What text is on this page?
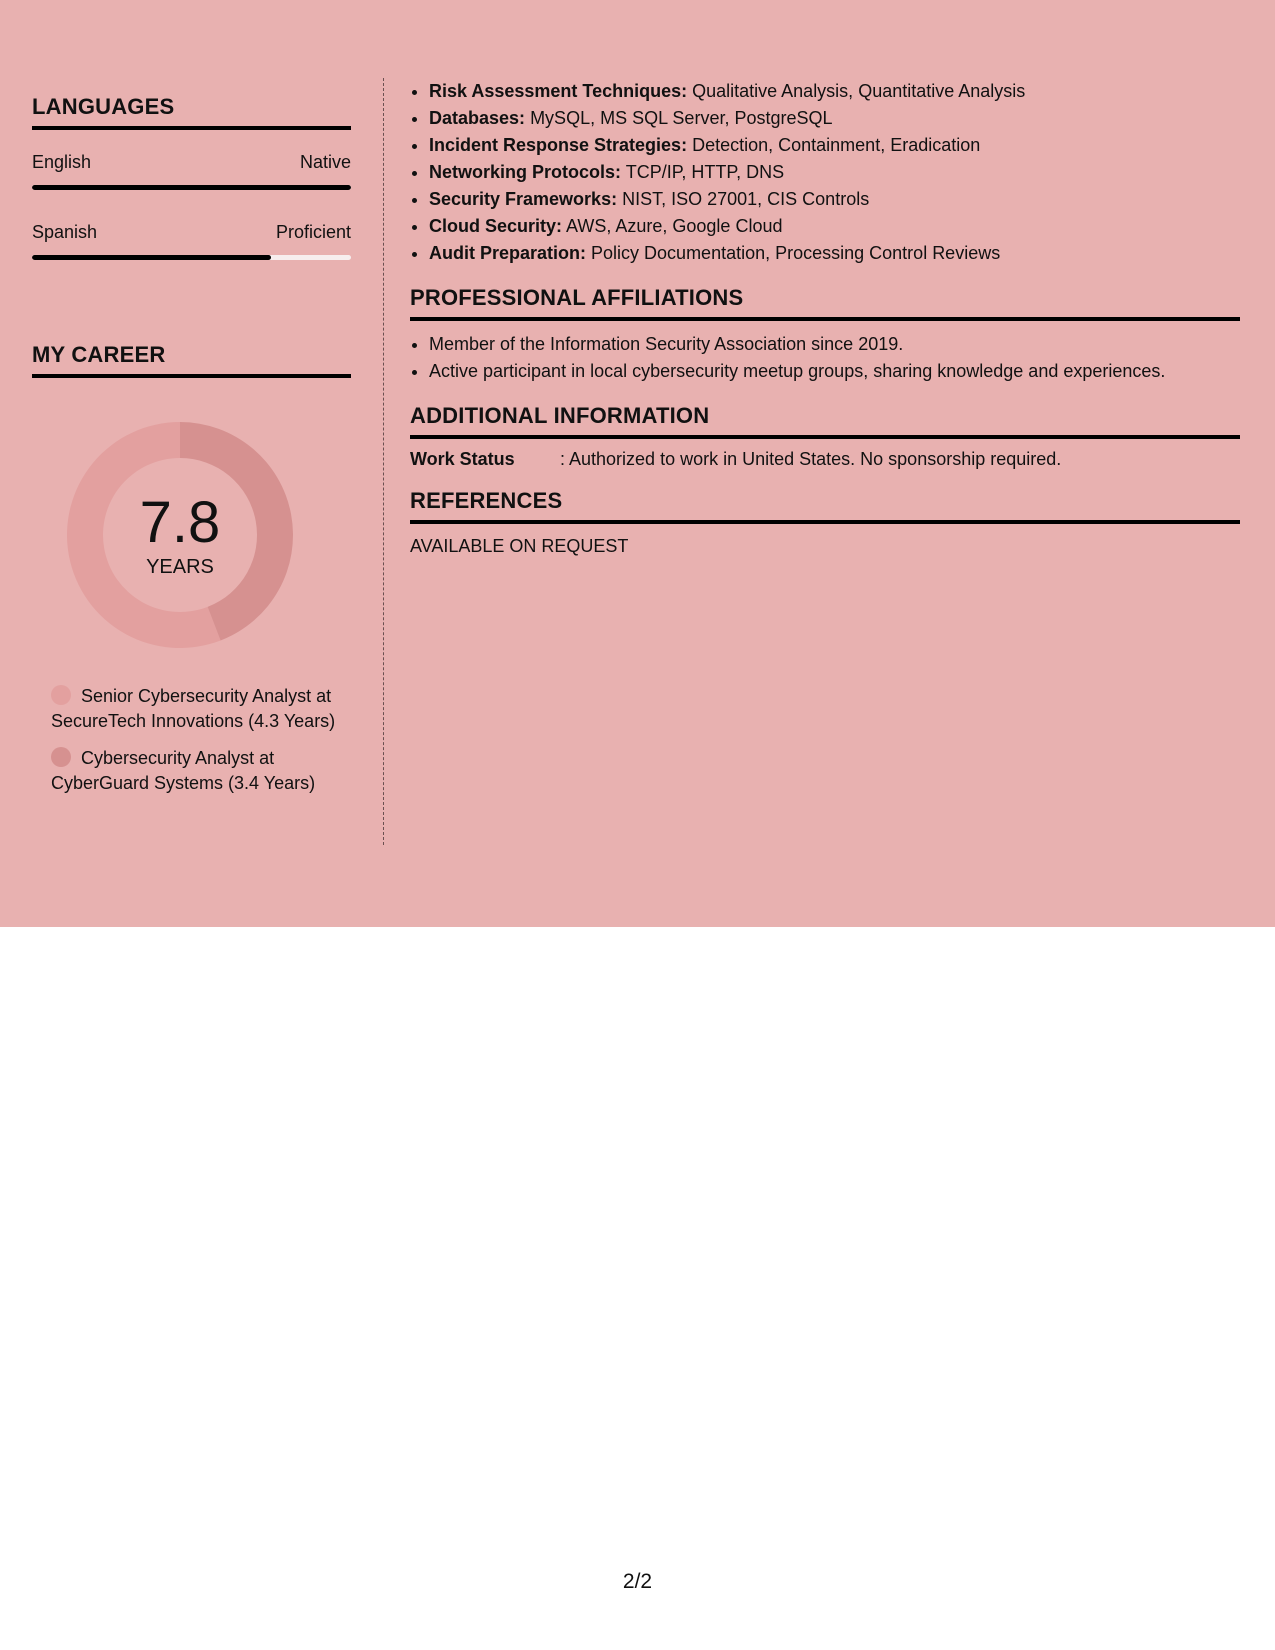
LANGUAGES
English	Native
Spanish	Proficient
MY CAREER
7.8
YEARS
Senior Cybersecurity Analyst at SecureTech Innovations (4.3 Years)
Cybersecurity Analyst at CyberGuard Systems (3.4 Years)
• Risk Assessment Techniques: Qualitative Analysis, Quantitative Analysis
• Databases: MySQL, MS SQL Server, PostgreSQL
• Incident Response Strategies: Detection, Containment, Eradication
• Networking Protocols: TCP/IP, HTTP, DNS
• Security Frameworks: NIST, ISO 27001, CIS Controls
• Cloud Security: AWS, Azure, Google Cloud
• Audit Preparation: Policy Documentation, Processing Control Reviews
PROFESSIONAL AFFILIATIONS
• Member of the Information Security Association since 2019.
• Active participant in local cybersecurity meetup groups, sharing knowledge and experiences.
ADDITIONAL INFORMATION
Work Status	: Authorized to work in United States. No sponsorship required.
REFERENCES
AVAILABLE ON REQUEST
2/2
